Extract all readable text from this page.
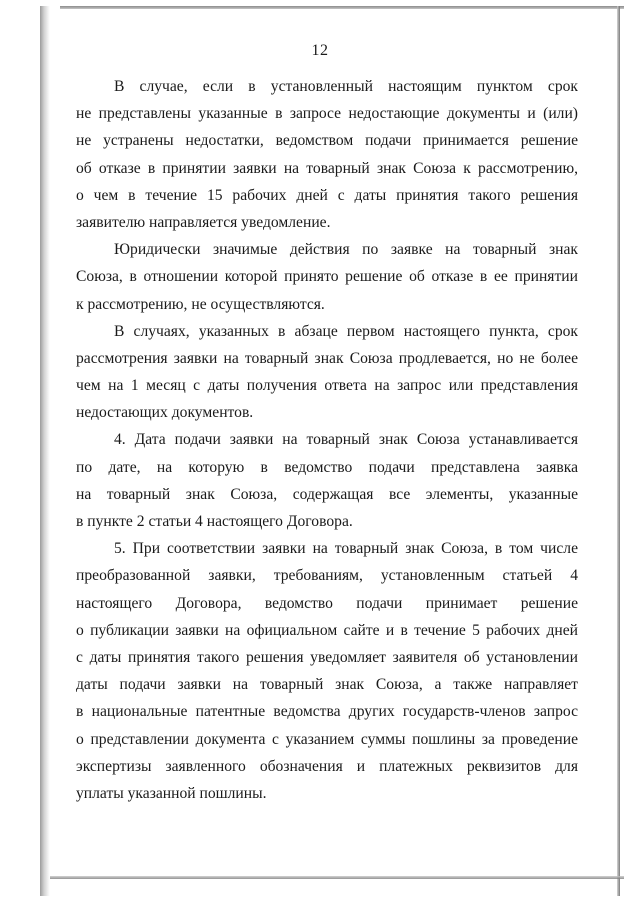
12
В случае, если в установленный настоящим пунктом срок
не представлены указанные в запросе недостающие документы и (или)
не устранены недостатки, ведомством подачи принимается решение
об отказе в принятии заявки на товарный знак Союза к рассмотрению,
о чем в течение 15 рабочих дней с даты принятия такого решения
заявителю направляется уведомление.
Юридически значимые действия по заявке на товарный знак
Союза, в отношении которой принято решение об отказе в ее принятии
к рассмотрению, не осуществляются.
В случаях, указанных в абзаце первом настоящего пункта, срок
рассмотрения заявки на товарный знак Союза продлевается, но не более
чем на 1 месяц с даты получения ответа на запрос или представления
недостающих документов.
4. Дата подачи заявки на товарный знак Союза устанавливается
по дате, на которую в ведомство подачи представлена заявка
на товарный знак Союза, содержащая все элементы, указанные
в пункте 2 статьи 4 настоящего Договора.
5. При соответствии заявки на товарный знак Союза, в том числе
преобразованной заявки, требованиям, установленным статьей 4
настоящего Договора, ведомство подачи принимает решение
о публикации заявки на официальном сайте и в течение 5 рабочих дней
с даты принятия такого решения уведомляет заявителя об установлении
даты подачи заявки на товарный знак Союза, а также направляет
в национальные патентные ведомства других государств-членов запрос
о представлении документа с указанием суммы пошлины за проведение
экспертизы заявленного обозначения и платежных реквизитов для
уплаты указанной пошлины.
